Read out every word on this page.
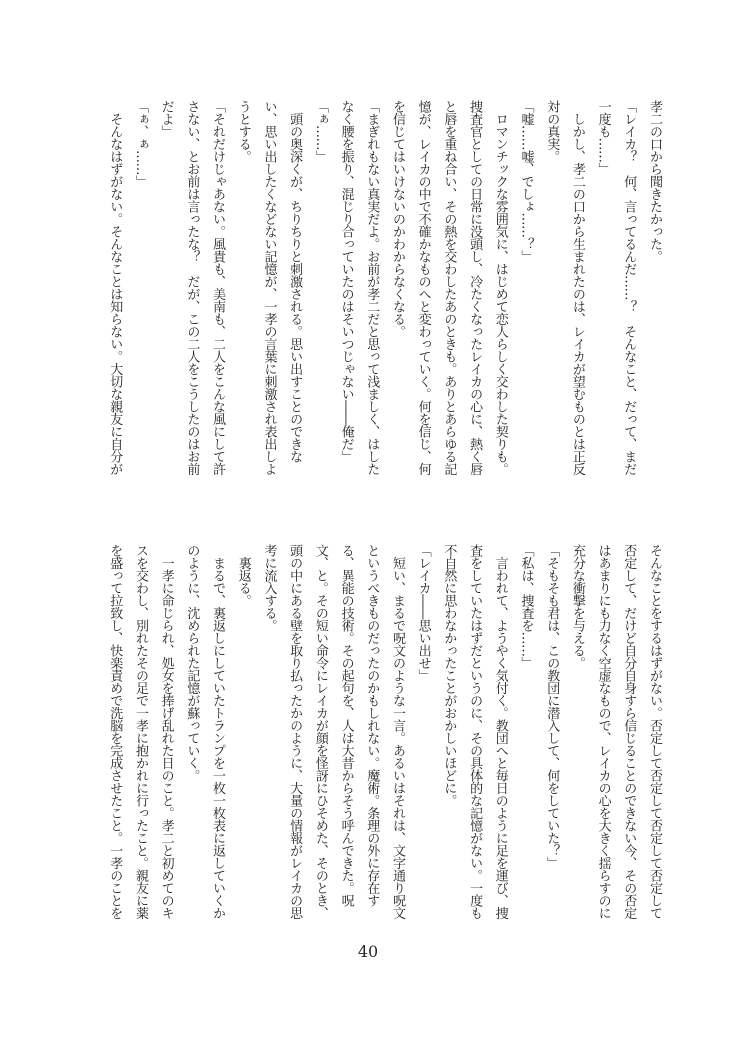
孝二の口から聞きたかった。
「レイカ？　何、言ってるんだ……？　そんなこと、だって、まだ
一度も……」
　しかし、孝二の口から生まれたのは、レイカが望むものとは正反
対の真実。
「嘘……嘘、でしょ……？」
　ロマンチックな雰囲気に、はじめて恋人らしく交わした契りも。
捜査官としての日常に没頭し、冷たくなったレイカの心に、熱く唇
と唇を重ね合い、その熱を交わしたあのときも。ありとあらゆる記
憶が、レイカの中で不確かなものへと変わっていく。何を信じ、何
を信じてはいけないのかわからなくなる。
「まぎれもない真実だよ。お前が孝二だと思って浅ましく、はした
なく腰を振り、混じり合っていたのはそいつじゃない――俺だ」
「ぁ……」
　頭の奥深くが、ちりちりと刺激される。思い出すことのできな
い、思い出したくなどない記憶が、一孝の言葉に刺激され表出しよ
うとする。
「それだけじゃあない。風貴も、美南も、二人をこんな風にして許
さない、とお前は言ったな？　だが、この二人をこうしたのはお前
だよ」
「ぁ、ぁ……」
　そんなはずがない。そんなことは知らない。大切な親友に自分が
そんなことをするはずがない。否定して否定して否定して否定して
否定して、だけど自分自身すら信じることのできない今、その否定
はあまりにも力なく空虚なもので、レイカの心を大きく揺らすのに
充分な衝撃を与える。
「そもそも君は、この教団に潜入して、何をしていた？」
「私は、捜査を……」
　言われて、ようやく気付く。教団へと毎日のように足を運び、捜
査をしていたはずだというのに、その具体的な記憶がない。一度も
不自然に思わなかったことがおかしいほどに。
「レイカ――思い出せ」
　短い、まるで呪文のような一言。あるいはそれは、文字通り呪文
というべきものだったのかもしれない。魔術。条理の外に存在す
る、異能の技術。その起句を、人は大昔からそう呼んできた。呪
文、と。その短い命令にレイカが顔を怪訝にひそめた、そのとき、
頭の中にある壁を取り払ったかのように、大量の情報がレイカの思
考に流入する。
　裏返る。
　まるで、裏返しにしていたトランプを一枚一枚表に返していくか
のように、沈められた記憶が蘇っていく。
　一孝に命じられ、処女を捧げ乱れた日のこと。孝二と初めてのキ
スを交わし、別れたその足で一孝に抱かれに行ったこと。親友に薬
を盛って拉致し、快楽責めで洗脳を完成させたこと。一孝のことを
40
